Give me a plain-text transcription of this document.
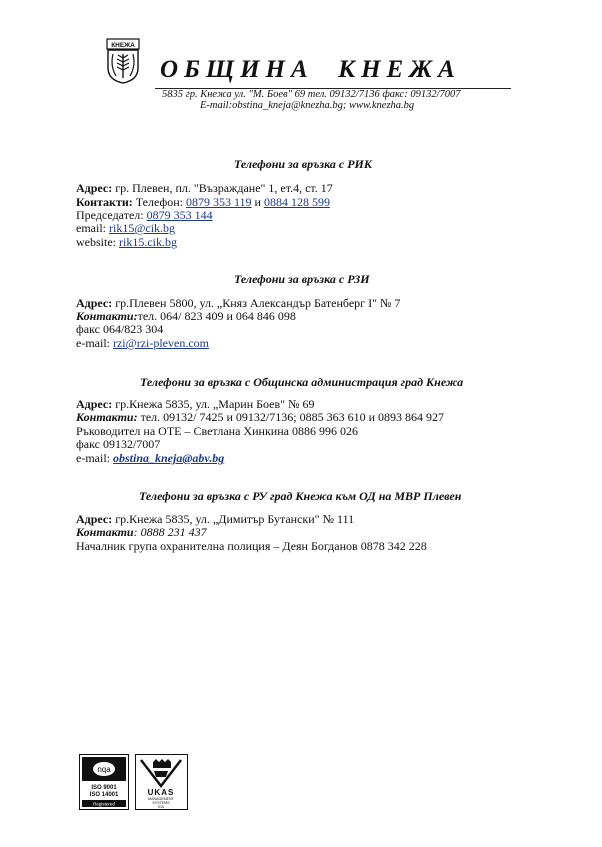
КНЕЖА
ОБЩИНА  КНЕЖА
5835 гр. Кнежа ул. "М. Боев" 69 тел. 09132/7136 факс: 09132/7007
E-mail:obstina_kneja@knezha.bg; www.knezha.bg
Телефони за връзка с РИК
Адрес: гр. Плевен, пл. "Възраждане" 1, ет.4, ст. 17
Контакти: Телефон: 0879 353 119 и 0884 128 599
Председател: 0879 353 144
email: rik15@cik.bg
website: rik15.cik.bg
Телефони за връзка с РЗИ
Адрес: гр.Плевен 5800, ул. „Княз Александър Батенберг I" № 7
Контакти:тел. 064/ 823 409 и 064 846 098
факс 064/823 304
e-mail: rzi@rzi-pleven.com
Телефони за връзка с Общинска администрация град Кнежа
Адрес: гр.Кнежа 5835, ул. „Марин Боев" № 69
Контакти: тел. 09132/ 7425 и 09132/7136; 0885 363 610 и 0893 864 927
Ръководител на ОТЕ – Светлана Хинкина 0886 996 026
факс 09132/7007
e-mail: obstina_kneja@abv.bg
Телефони за връзка с РУ град Кнежа към ОД на МВР Плевен
Адрес: гр.Кнежа 5835, ул. „Димитър Бутански" № 111
Контакти: 0888 231 437
Началник група охранителна полиция – Деян Богданов 0878 342 228
nqa
ISO 9001
ISO 14001
Registered
UKAS
MANAGEMENT
SYSTEMS
015
